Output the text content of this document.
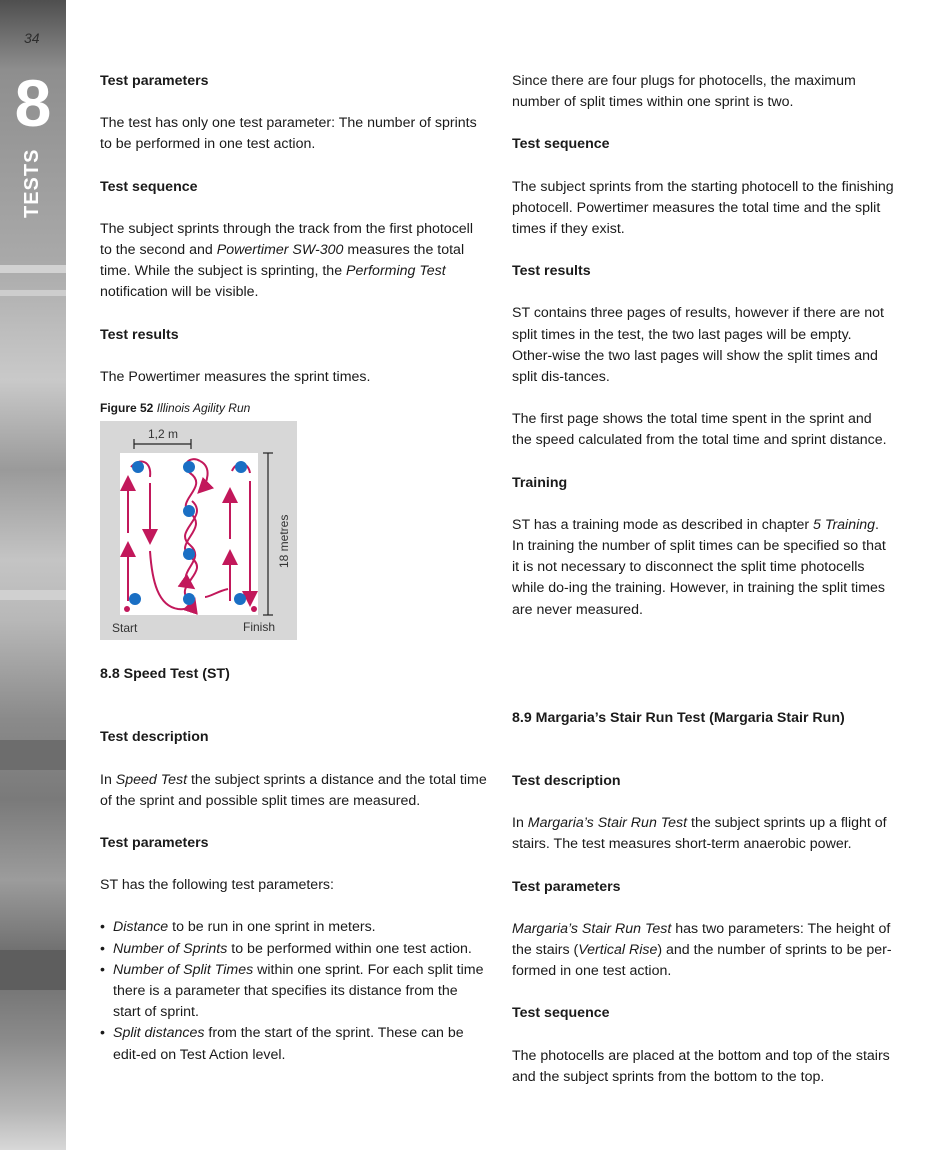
34
8
TESTS

Test parameters

The test has only one test parameter: The number of sprints to be performed in one test action.

Test sequence

The subject sprints through the track from the first photocell to the second and Powertimer SW-300 measures the total time. While the subject is sprinting, the Performing Test notification will be visible.

Test results

The Powertimer measures the sprint times.

Figure 52 Illinois Agility Run
1,2 m
18 metres
Start	Finish

8.8 Speed Test (ST)

Test description

In Speed Test the subject sprints a distance and the total time of the sprint and possible split times are measured.

Test parameters

ST has the following test parameters:

• Distance to be run in one sprint in meters.
• Number of Sprints to be performed within one test action.
• Number of Split Times within one sprint. For each split time there is a parameter that specifies its distance from the start of sprint.
• Split distances from the start of the sprint. These can be edit-ed on Test Action level.

Since there are four plugs for photocells, the maximum number of split times within one sprint is two.

Test sequence

The subject sprints from the starting photocell to the finishing photocell. Powertimer measures the total time and the split times if they exist.

Test results

ST contains three pages of results, however if there are not split times in the test, the two last pages will be empty. Other-wise the two last pages will show the split times and split dis-tances.

The first page shows the total time spent in the sprint and the speed calculated from the total time and sprint distance.

Training

ST has a training mode as described in chapter 5 Training. In training the number of split times can be specified so that it is not necessary to disconnect the split time photocells while do-ing the training. However, in training the split times are never measured.

8.9 Margaria’s Stair Run Test (Margaria Stair Run)

Test description

In Margaria’s Stair Run Test the subject sprints up a flight of stairs. The test measures short-term anaerobic power.

Test parameters

Margaria’s Stair Run Test has two parameters: The height of the stairs (Vertical Rise) and the number of sprints to be per-formed in one test action.

Test sequence

The photocells are placed at the bottom and top of the stairs and the subject sprints from the bottom to the top.
